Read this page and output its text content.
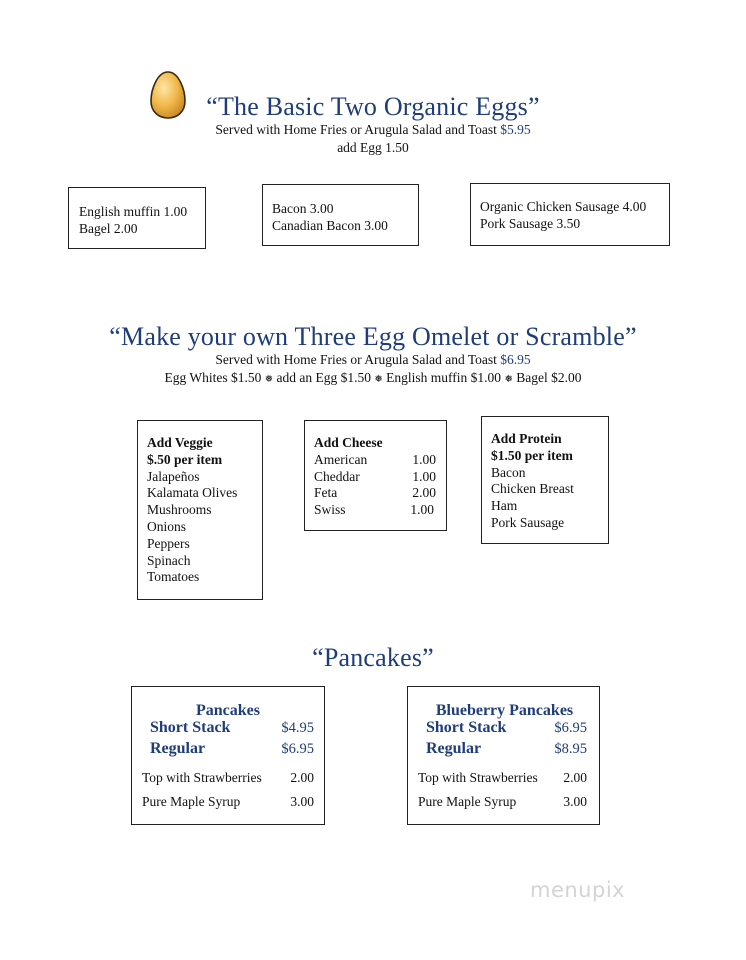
“The Basic Two Organic Eggs”
Served with Home Fries or Arugula Salad and Toast $5.95
add Egg 1.50
English muffin 1.00
Bagel 2.00
Bacon 3.00
Canadian Bacon 3.00
Organic Chicken Sausage 4.00
Pork Sausage 3.50
“Make your own Three Egg Omelet or Scramble”
Served with Home Fries or Arugula Salad and Toast $6.95
Egg Whites $1.50 ❅ add an Egg $1.50 ❅ English muffin $1.00 ❅ Bagel $2.00
Add Veggie
$.50 per item
Jalapeños
Kalamata Olives
Mushrooms
Onions
Peppers
Spinach
Tomatoes
Add Cheese
American	1.00
Cheddar	1.00
Feta	2.00
Swiss	1.00
Add Protein
$1.50 per item
Bacon
Chicken Breast
Ham
Pork Sausage
“Pancakes”
Pancakes
Short Stack	$4.95
Regular	$6.95
Top with Strawberries 2.00
Pure Maple Syrup	3.00
Blueberry Pancakes
Short Stack	$6.95
Regular	$8.95
Top with Strawberries 2.00
Pure Maple Syrup	3.00
menupix
